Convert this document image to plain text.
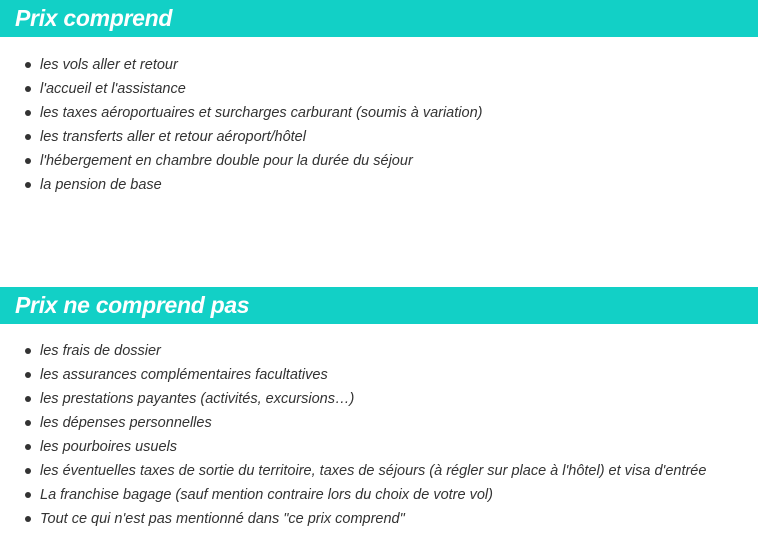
Prix comprend
les vols aller et retour
l'accueil et l'assistance
les taxes aéroportuaires et surcharges carburant (soumis à variation)
les transferts aller et retour aéroport/hôtel
l'hébergement en chambre double pour la durée du séjour
la pension de base
Prix ne comprend pas
les frais de dossier
les assurances complémentaires facultatives
les prestations payantes (activités, excursions…)
les dépenses personnelles
les pourboires usuels
les éventuelles taxes de sortie du territoire, taxes de séjours (à régler sur place à l'hôtel) et visa d'entrée
La franchise bagage (sauf mention contraire lors du choix de votre vol)
Tout ce qui n'est pas mentionné dans "ce prix comprend"
